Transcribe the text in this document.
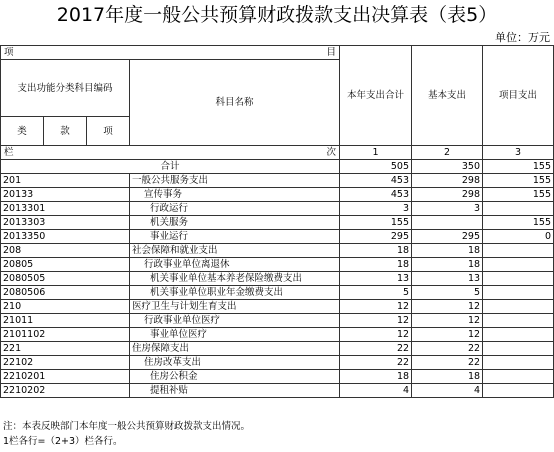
2017年度一般公共预算财政拨款支出决算表（表5）
单位：万元
项 目				本年支出合计	基本支出	项目支出
支出功能分类科目编码			科目名称			
类	款	项				

栏 次				1	2	3
合计				505	350	155
201			一般公共服务支出	453	298	155
20133			宣传事务	453	298	155
2013301			行政运行	3	3	
2013303			机关服务	155		155
2013350			事业运行	295	295	0
208			社会保障和就业支出	18	18	
20805			行政事业单位离退休	18	18	
2080505			机关事业单位基本养老保险缴费支出	13	13	
2080506			机关事业单位职业年金缴费支出	5	5	
210			医疗卫生与计划生育支出	12	12	
21011			行政事业单位医疗	12	12	
2101102			事业单位医疗	12	12	
221			住房保障支出	22	22	
22102			住房改革支出	22	22	
2210201			住房公积金	18	18	
2210202			提租补贴	4	4	
注：本表反映部门本年度一般公共预算财政拨款支出情况。
1栏各行=（2+3）栏各行。
